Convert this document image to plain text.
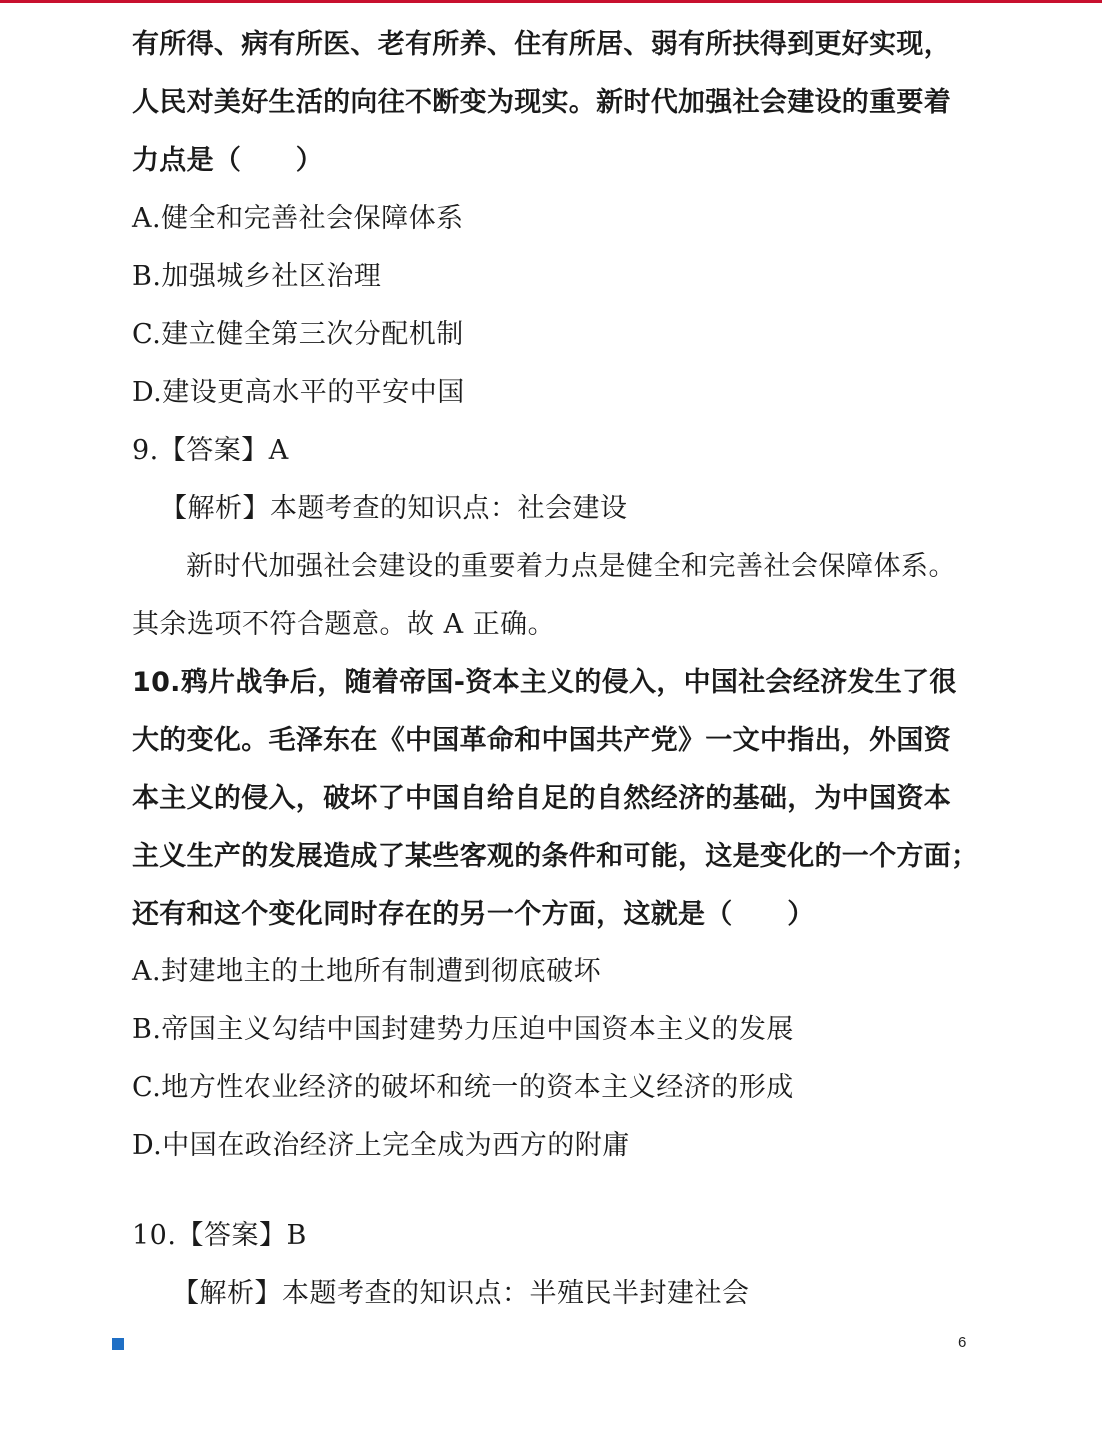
有所得、病有所医、老有所养、住有所居、弱有所扶得到更好实现，
人民对美好生活的向往不断变为现实。新时代加强社会建设的重要着
力点是（　　）
A.健全和完善社会保障体系
B.加强城乡社区治理
C.建立健全第三次分配机制
D.建设更高水平的平安中国
9.【答案】A
【解析】本题考查的知识点：社会建设
新时代加强社会建设的重要着力点是健全和完善社会保障体系。
其余选项不符合题意。故 A 正确。
10.鸦片战争后，随着帝国-资本主义的侵入，中国社会经济发生了很
大的变化。毛泽东在《中国革命和中国共产党》一文中指出，外国资
本主义的侵入，破坏了中国自给自足的自然经济的基础，为中国资本
主义生产的发展造成了某些客观的条件和可能，这是变化的一个方面；
还有和这个变化同时存在的另一个方面，这就是（　　）
A.封建地主的土地所有制遭到彻底破坏
B.帝国主义勾结中国封建势力压迫中国资本主义的发展
C.地方性农业经济的破坏和统一的资本主义经济的形成
D.中国在政治经济上完全成为西方的附庸
10.【答案】B
【解析】本题考查的知识点：半殖民半封建社会
6
